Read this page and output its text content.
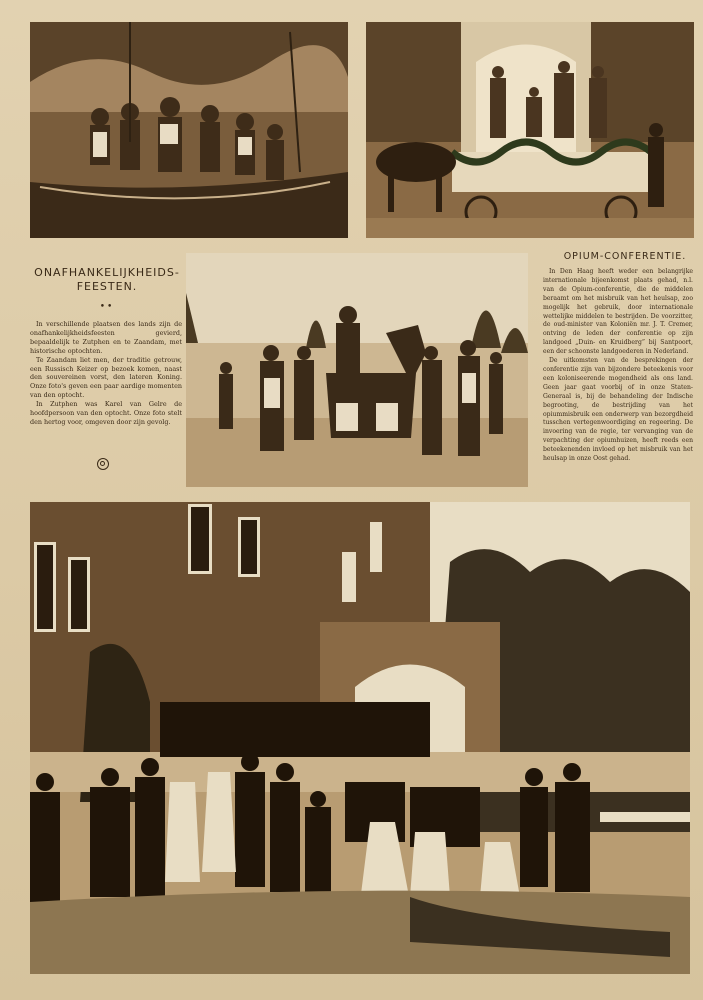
ONAFHANKELIJKHEIDS-
FEESTEN.
••

In verschillende plaatsen des lands zijn de onafhankelijkheidsfeesten gevierd, bepaaldelijk te Zutphen en te Zaandam, met historische optochten.

Te Zaandam liet men, der traditie getrouw, een Russisch Keizer op bezoek komen, naast den souvereinen vorst, den lateren Koning. Onze foto's geven een paar aardige momenten van den optocht.

In Zutphen was Karel van Gelre de hoofdpersoon van den optocht. Onze foto stelt den hertog voor, omgeven door zijn gevolg.

OPIUM-CONFERENTIE.

In Den Haag heeft weder een belangrijke internationale bijeenkomst plaats gehad, n.l. van de Opium-conferentie, die de middelen beraamt om het misbruik van het heulsap, zoo mogelijk het gebruik, door internationale wettelijke middelen te bestrijden. De voorzitter, de oud-minister van Koloniën mr. J. T. Cremer, ontving de leden der conferentie op zijn landgoed „Duin- en Kruidberg” bij Santpoort, een der schoonste landgoederen in Nederland.

De uitkomsten van de besprekingen der conferentie zijn van bijzondere beteekenis voor een koloniseerende mogendheid als ons land. Geen jaar gaat voorbij of in onze Staten-Generaal is, bij de behandeling der Indische begrooting, de bestrijding van het opiummisbruik een onderwerp van bezorgdheid tusschen vertegenwoordiging en regeering. De invoering van de regie, ter vervanging van de verpachting der opiumhuizen, heeft reeds een beteekenenden invloed op het misbruik van het heulsap in onze Oost gehad.
